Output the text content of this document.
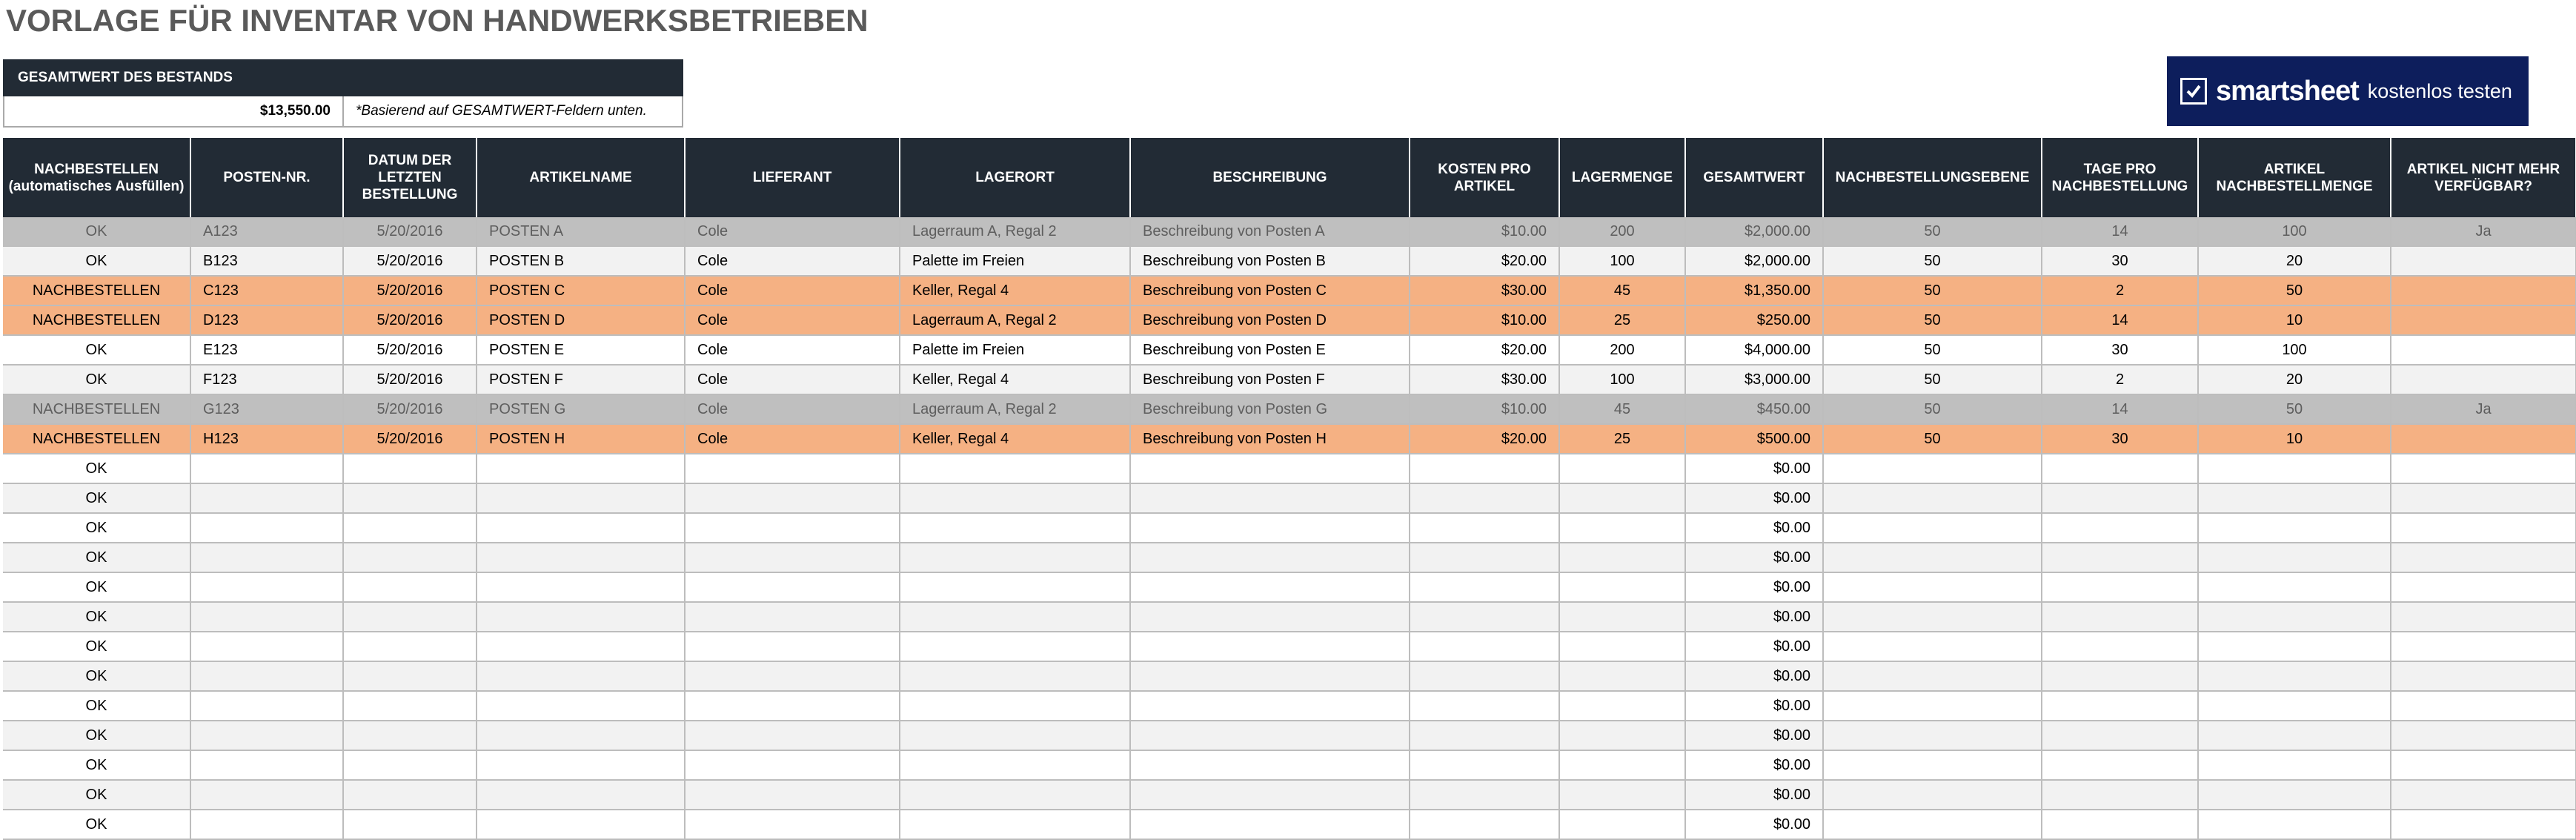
VORLAGE FÜR INVENTAR VON HANDWERKSBETRIEBEN
GESAMTWERT DES BESTANDS
$13,550.00	*Basierend auf GESAMTWERT-Feldern unten.
smartsheet kostenlos testen
NACHBESTELLEN (automatisches Ausfüllen)	POSTEN-NR.	DATUM DER LETZTEN BESTELLUNG	ARTIKELNAME	LIEFERANT	LAGERORT	BESCHREIBUNG	KOSTEN PRO ARTIKEL	LAGERMENGE	GESAMTWERT	NACHBESTELLUNGSEBENE	TAGE PRO NACHBESTELLUNG	ARTIKEL NACHBESTELLMENGE	ARTIKEL NICHT MEHR VERFÜGBAR?
OK	A123	5/20/2016	POSTEN A	Cole	Lagerraum A, Regal 2	Beschreibung von Posten A	$10.00	200	$2,000.00	50	14	100	Ja
OK	B123	5/20/2016	POSTEN B	Cole	Palette im Freien	Beschreibung von Posten B	$20.00	100	$2,000.00	50	30	20	
NACHBESTELLEN	C123	5/20/2016	POSTEN C	Cole	Keller, Regal 4	Beschreibung von Posten C	$30.00	45	$1,350.00	50	2	50	
NACHBESTELLEN	D123	5/20/2016	POSTEN D	Cole	Lagerraum A, Regal 2	Beschreibung von Posten D	$10.00	25	$250.00	50	14	10	
OK	E123	5/20/2016	POSTEN E	Cole	Palette im Freien	Beschreibung von Posten E	$20.00	200	$4,000.00	50	30	100	
OK	F123	5/20/2016	POSTEN F	Cole	Keller, Regal 4	Beschreibung von Posten F	$30.00	100	$3,000.00	50	2	20	
NACHBESTELLEN	G123	5/20/2016	POSTEN G	Cole	Lagerraum A, Regal 2	Beschreibung von Posten G	$10.00	45	$450.00	50	14	50	Ja
NACHBESTELLEN	H123	5/20/2016	POSTEN H	Cole	Keller, Regal 4	Beschreibung von Posten H	$20.00	25	$500.00	50	30	10	
OK									$0.00				
OK									$0.00				
OK									$0.00				
OK									$0.00				
OK									$0.00				
OK									$0.00				
OK									$0.00				
OK									$0.00				
OK									$0.00				
OK									$0.00				
OK									$0.00				
OK									$0.00				
OK									$0.00				
